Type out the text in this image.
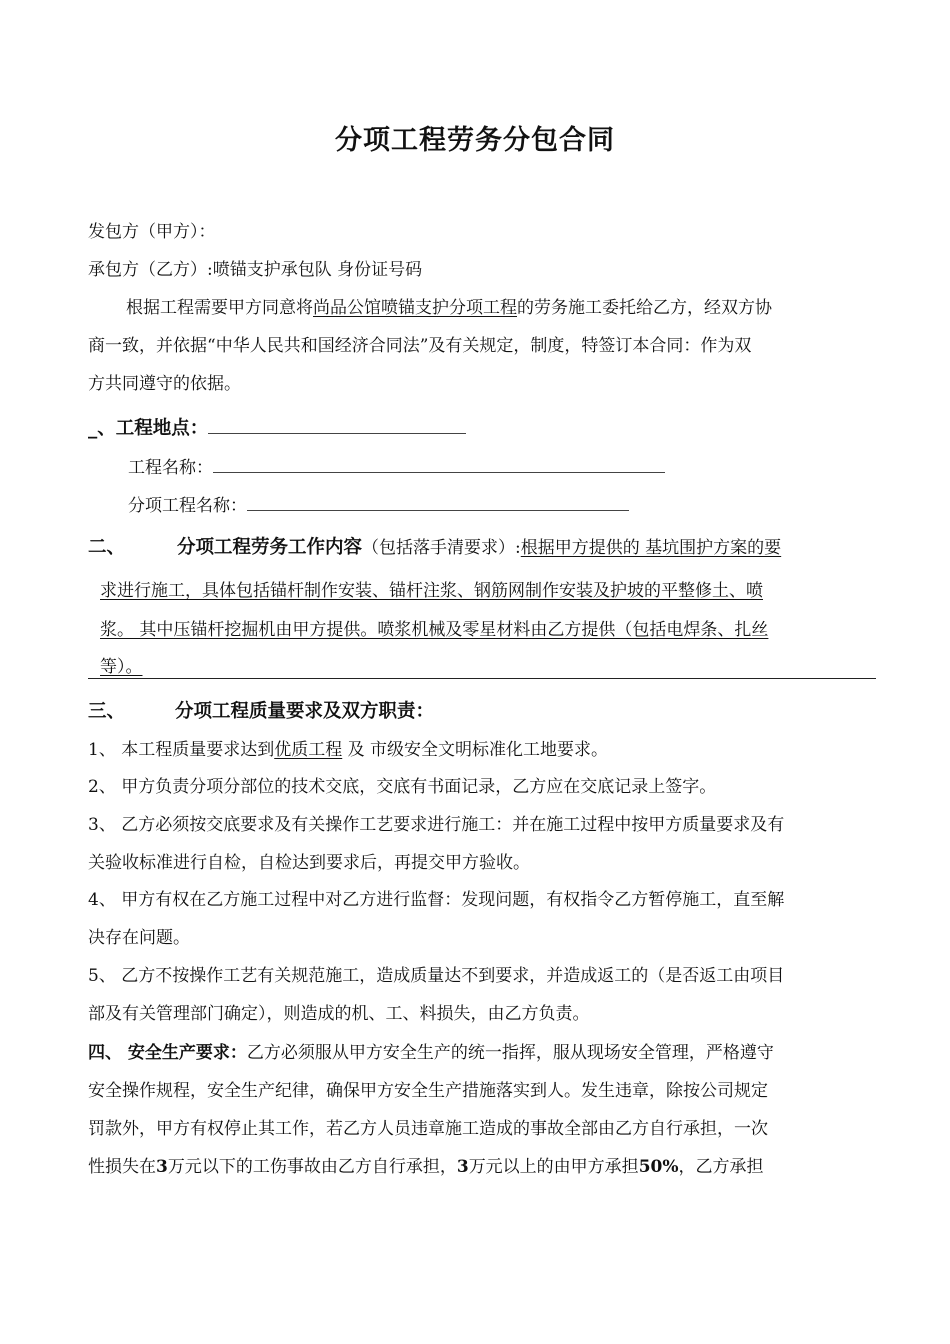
分项工程劳务分包合同
发包方（甲方）：
承包方（乙方）:喷锚支护承包队 身份证号码
根据工程需要甲方同意将尚品公馆喷锚支护分项工程的劳务施工委托给乙方，经双方协
商一致，并依据“中华人民共和国经济合同法”及有关规定，制度，特签订本合同：作为双
方共同遵守的依据。
_、工程地点：
工程名称：
分项工程名称：
二、	分项工程劳务工作内容（包括落手清要求）:根据甲方提供的 基坑围护方案的要
求进行施工，具体包括锚杆制作安装、锚杆注浆、钢筋网制作安装及护坡的平整修土、喷
浆。 其中压锚杆挖掘机由甲方提供。喷浆机械及零星材料由乙方提供（包括电焊条、扎丝
等）。
三、	分项工程质量要求及双方职责：
1、 本工程质量要求达到优质工程 及 市级安全文明标准化工地要求。
2、 甲方负责分项分部位的技术交底，交底有书面记录，乙方应在交底记录上签字。
3、 乙方必须按交底要求及有关操作工艺要求进行施工：并在施工过程中按甲方质量要求及有
关验收标准进行自检，自检达到要求后，再提交甲方验收。
4、 甲方有权在乙方施工过程中对乙方进行监督：发现问题，有权指令乙方暂停施工，直至解
决存在问题。
5、 乙方不按操作工艺有关规范施工，造成质量达不到要求，并造成返工的（是否返工由项目
部及有关管理部门确定），则造成的机、工、料损失，由乙方负责。
四、 安全生产要求：乙方必须服从甲方安全生产的统一指挥，服从现场安全管理，严格遵守
安全操作规程，安全生产纪律，确保甲方安全生产措施落实到人。发生违章，除按公司规定
罚款外，甲方有权停止其工作，若乙方人员违章施工造成的事故全部由乙方自行承担，一次
性损失在3万元以下的工伤事故由乙方自行承担，3万元以上的由甲方承担50%，乙方承担
